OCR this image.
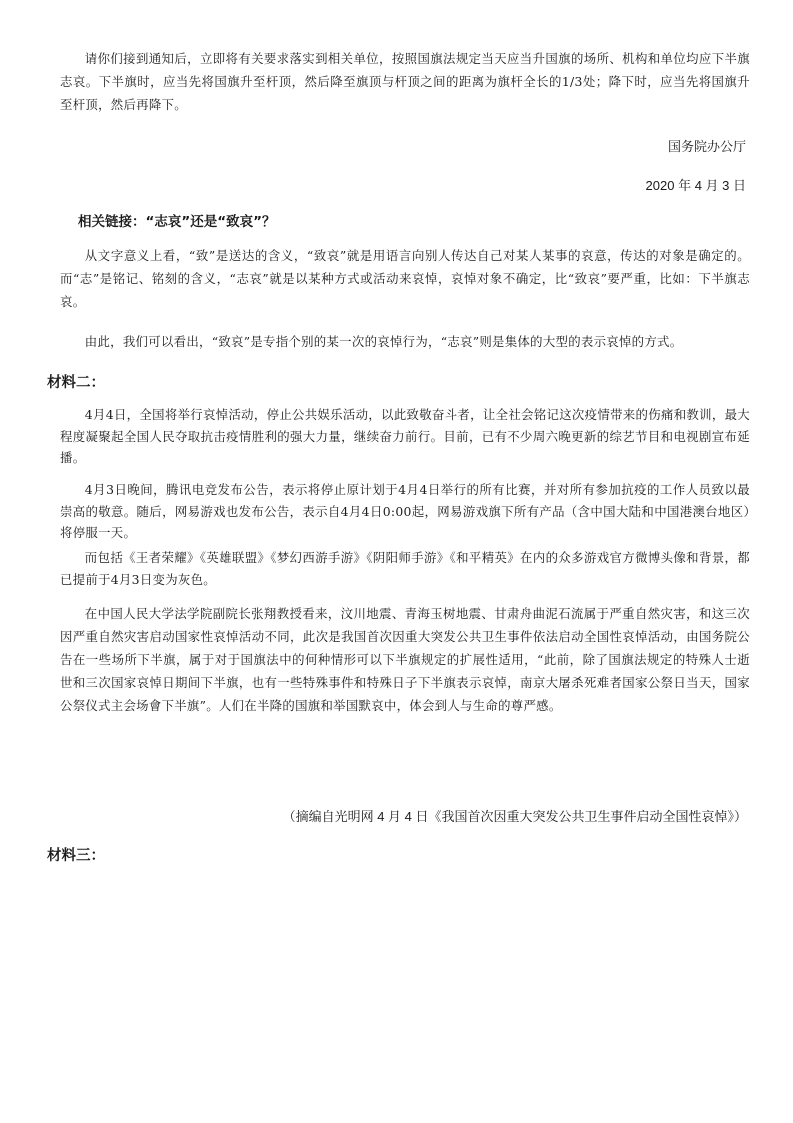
请你们接到通知后，立即将有关要求落实到相关单位，按照国旗法规定当天应当升国旗的场所、机构和单位均应下半旗志哀。下半旗时，应当先将国旗升至杆顶，然后降至旗顶与杆顶之间的距离为旗杆全长的1/3处；降下时，应当先将国旗升至杆顶，然后再降下。

国务院办公厅
2020 年 4 月 3 日
相关链接：“志哀”还是“致哀”？

从文字意义上看，“致”是送达的含义，“致哀”就是用语言向别人传达自己对某人某事的哀意，传达的对象是确定的。而“志”是铭记、铭刻的含义，“志哀”就是以某种方式或活动来哀悼，哀悼对象不确定，比“致哀”要严重，比如：下半旗志哀。

由此，我们可以看出，“致哀”是专指个别的某一次的哀悼行为，“志哀”则是集体的大型的表示哀悼的方式。

材料二：

4月4日，全国将举行哀悼活动，停止公共娱乐活动，以此致敬奋斗者，让全社会铭记这次疫情带来的伤痛和教训，最大程度凝聚起全国人民夺取抗击疫情胜利的强大力量，继续奋力前行。目前，已有不少周六晚更新的综艺节目和电视剧宣布延播。

4月3日晚间，腾讯电竞发布公告，表示将停止原计划于4月4日举行的所有比赛，并对所有参加抗疫的工作人员致以最崇高的敬意。随后，网易游戏也发布公告，表示自4月4日0:00起，网易游戏旗下所有产品（含中国大陆和中国港澳台地区）将停服一天。

而包括《王者荣耀》《英雄联盟》《梦幻西游手游》《阴阳师手游》《和平精英》在内的众多游戏官方微博头像和背景，都已提前于4月3日变为灰色。

在中国人民大学法学院副院长张翔教授看来，汶川地震、青海玉树地震、甘肃舟曲泥石流属于严重自然灾害，和这三次因严重自然灾害启动国家性哀悼活动不同，此次是我国首次因重大突发公共卫生事件依法启动全国性哀悼活动，由国务院公告在一些场所下半旗，属于对于国旗法中的何种情形可以下半旗规定的扩展性适用，“此前，除了国旗法规定的特殊人士逝世和三次国家哀悼日期间下半旗，也有一些特殊事件和特殊日子下半旗表示哀悼，南京大屠杀死难者国家公祭日当天，国家公祭仪式主会场會下半旗”。人们在半降的国旗和举国默哀中，体会到人与生命的尊严感。

（摘编自光明网 4 月 4 日《我国首次因重大突发公共卫生事件启动全国性哀悼》）
材料三：
